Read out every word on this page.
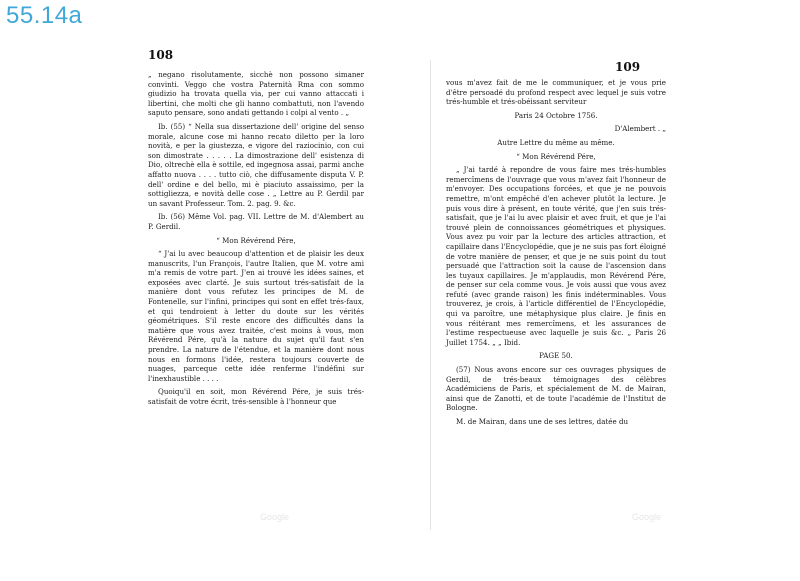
55.14a
108

„ negano risolutamente, sicchè non possono simaner convinti. Veggo che vostra Paternità Rma con sommo giudizio ha trovata quella via, per cui vanno attaccati i libertini, che molti che gli hanno combattuti, non l'avendo saputo pensare, sono andati gettando i colpi al vento . „

Ib. (55) “ Nella sua dissertazione dell' origine del senso morale, alcune cose mi hanno recato diletto per la loro novità, e per la giustezza, e vigore del raziocinio, con cui son dimostrate . . . . . La dimostrazione dell' esistenza di Dio, oltrechè ella è sottile, ed ingegnosa assai, parmi anche affatto nuova . . . . tutto ciò, che diffusamente disputa V. P. dell' ordine e del bello, mi è piaciuto assaissimo, per la sottigliezza, e novità delle cose . „ Lettre au P. Gerdil par un savant Professeur. Tom. 2. pag. 9. &c.

Ib. (56) Même Vol. pag. VII. Lettre de M. d'Alembert au P. Gerdil.

“ Mon Révérend Pére,

“ J'ai lu avec beaucoup d'attention et de plaisir les deux manuscrits, l'un François, l'autre Italien, que M. votre ami m'a remis de votre part. J'en ai trouvé les idées saines, et exposées avec clarté. Je suis surtout trés-satisfait de la manière dont vous refutez les principes de M. de Fontenelle, sur l'infini, principes qui sont en effet trés-faux, et qui tendroient à letter du doute sur les vérités géométriques. S'il reste encore des difficultés dans la matière que vous avez traitée, c'est moins à vous, mon Révérend Pére, qu'à la nature du sujet qu'il faut s'en prendre. La nature de l'étendue, et la manière dont nous nous en formons l'idée, restera toujours couverte de nuages, parceque cette idée renferme l'indéfini sur l'inexhaustible . . . .

Quoiqu'il en soit, mon Révérend Pére, je suis trés-satisfait de votre écrit, trés-sensible à l'honneur que

109

vous m'avez fait de me le communiquer, et je vous prie d'être persoadé du profond respect avec lequel je suis votre trés-humble et trés-obéissant serviteur

Paris 24 Octobre 1756.

D'Alembert . „

Autre Lettre du même au même.

“ Mon Révérend Pére,

„ J'ai tardé à repondre de vous faire mes trés-humbles remercîmens de l'ouvrage que vous m'avez fait l'honneur de m'envoyer. Des occupations forcées, et que je ne pouvois remettre, m'ont empêché d'en achever plutôt la lecture. Je puis vous dire à présent, en toute vérité, que j'en suis trés-satisfait, que je l'ai lu avec plaisir et avec fruit, et que je l'ai trouvé plein de connoissances géométriques et physiques. Vous avez pu voir par la lecture des articles attraction, et capillaire dans l'Encyclopédie, que je ne suis pas fort éloigné de votre manière de penser, et que je ne suis point du tout persuadé que l'attraction soit la cause de l'ascension dans les tuyaux capillaires. Je m'applaudis, mon Révérend Pére, de penser sur cela comme vous. Je vois aussi que vous avez refuté (avec grande raison) les finis indéterminables. Vous trouverez, je crois, à l'article différentiel de l'Encyclopédie, qui va paroître, une métaphysique plus claire. Je finis en vous réitérant mes remercîmens, et les assurances de l'estime respectueuse avec laquelle je suis &c. „ Paris 26 Juillet 1754. „ „ Ibid.

PAGE 50.

(57) Nous avons encore sur ces ouvrages physiques de Gerdil, de trés-beaux témoignages des célèbres Académiciens de Paris, et spécialement de M. de Mairan, ainsi que de Zanotti, et de toute l'académie de l'Institut de Bologne.

M. de Mairan, dans une de ses lettres, datée du

Google	Google
